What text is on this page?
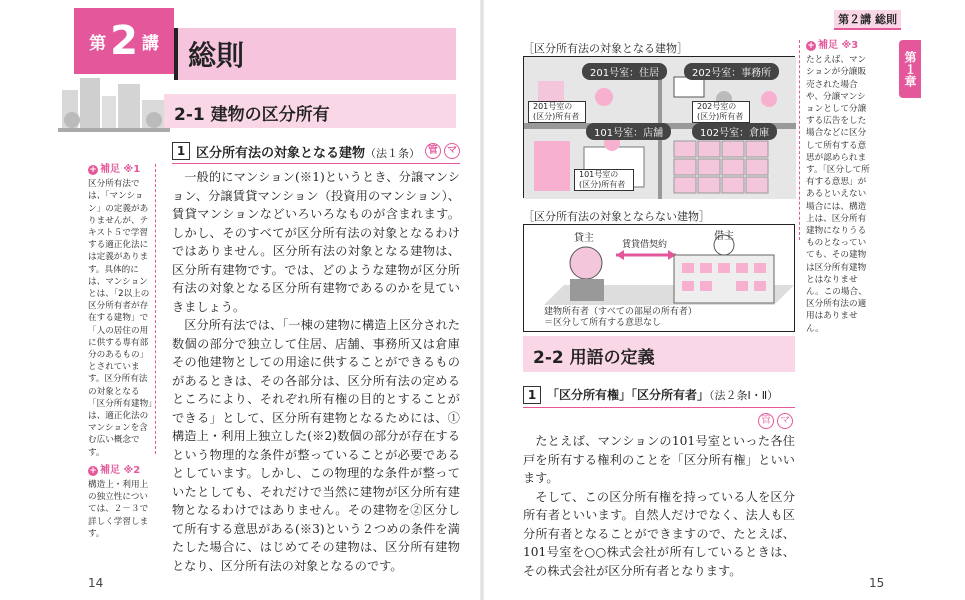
第 2 講 総則
2-1 建物の区分所有
1 区分所有法の対象となる建物（法１条） 管 マ

一般的にマンション(※1)というとき、分譲マンション、分譲賃貸マンション（投資用のマンション）、賃貸マンションなどいろいろなものが含まれます。しかし、そのすべてが区分所有法の対象となるわけではありません。区分所有法の対象となる建物は、区分所有建物です。では、どのような建物が区分所有法の対象となる区分所有建物であるのかを見ていきましょう。

区分所有法では、「一棟の建物に構造上区分された数個の部分で独立して住居、店舗、事務所又は倉庫その他建物としての用途に供することができるものがあるときは、その各部分は、区分所有法の定めるところにより、それぞれ所有権の目的とすることができる」として、区分所有建物となるためには、①構造上・利用上独立した(※2)数個の部分が存在するという物理的な条件が整っていることが必要であるとしています。しかし、この物理的な条件が整っていたとしても、それだけで当然に建物が区分所有建物となるわけではありません。その建物を②区分して所有する意思がある(※3)という２つめの条件を満たした場合に、はじめてその建物は、区分所有建物となり、区分所有法の対象となるのです。

+ 補足 ※1
区分所有法では、「マンション」の定義がありませんが、テキスト５で学習する適正化法には定義があります。具体的には、マンションとは、「2以上の区分所有者が存在する建物」で「人の居住の用に供する専有部分のあるもの」とされています。区分所有法の対象となる「区分所有建物」は、適正化法のマンションを含む広い概念です。
+ 補足 ※2
構造上・利用上の独立性については、２－３で詳しく学習します。
14
第２講 総則
第１章
［区分所有法の対象となる建物］
201号室：住居	202号室：事務所
101号室：店舗	102号室：倉庫
201号室の(区分)所有者
202号室の(区分)所有者
101号室の(区分)所有者
［区分所有法の対象とならない建物］
貸主
賃貸借契約
借主
建物所有者（すべての部屋の所有者）
＝区分して所有する意思なし
2-2 用語の定義
1 「区分所有権」「区分所有者」（法２条Ⅰ・Ⅱ）
管 マ

たとえば、マンションの101号室といった各住戸を所有する権利のことを「区分所有権」といいます。

そして、この区分所有権を持っている人を区分所有者といいます。自然人だけでなく、法人も区分所有者となることができますので、たとえば、101号室を○○株式会社が所有しているときは、その株式会社が区分所有者となります。

+ 補足 ※3
たとえば、マンションが分譲販売された場合や、分譲マンションとして分譲する広告をした場合などに区分して所有する意思が認められます。「区分して所有する意思」があるといえない場合には、構造上は、区分所有建物になりうるものとなっていても、その建物は区分所有建物とはなりません。この場合、区分所有法の適用はありません。
15
